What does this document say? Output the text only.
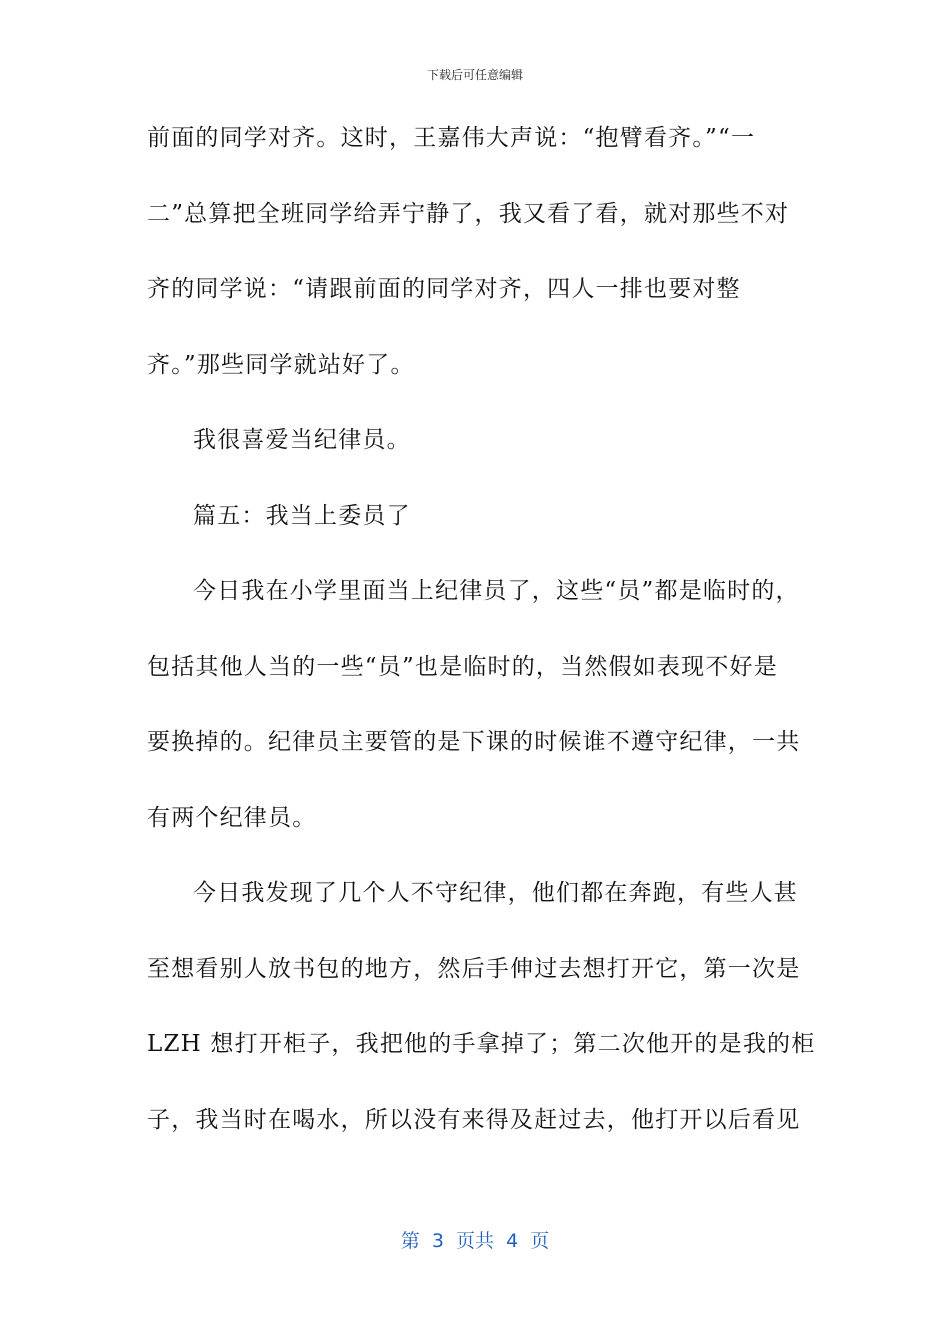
下载后可任意编辑
前面的同学对齐。这时，王嘉伟大声说：“抱臂看齐。”“一
二”总算把全班同学给弄宁静了，我又看了看，就对那些不对
齐的同学说：“请跟前面的同学对齐，四人一排也要对整
齐。”那些同学就站好了。
我很喜爱当纪律员。
篇五：我当上委员了
今日我在小学里面当上纪律员了，这些“员”都是临时的，
包括其他人当的一些“员”也是临时的，当然假如表现不好是
要换掉的。纪律员主要管的是下课的时候谁不遵守纪律，一共
有两个纪律员。
今日我发现了几个人不守纪律，他们都在奔跑，有些人甚
至想看别人放书包的地方，然后手伸过去想打开它，第一次是
LZH 想打开柜子，我把他的手拿掉了；第二次他开的是我的柜
子，我当时在喝水，所以没有来得及赶过去，他打开以后看见
第  3  页共  4  页
